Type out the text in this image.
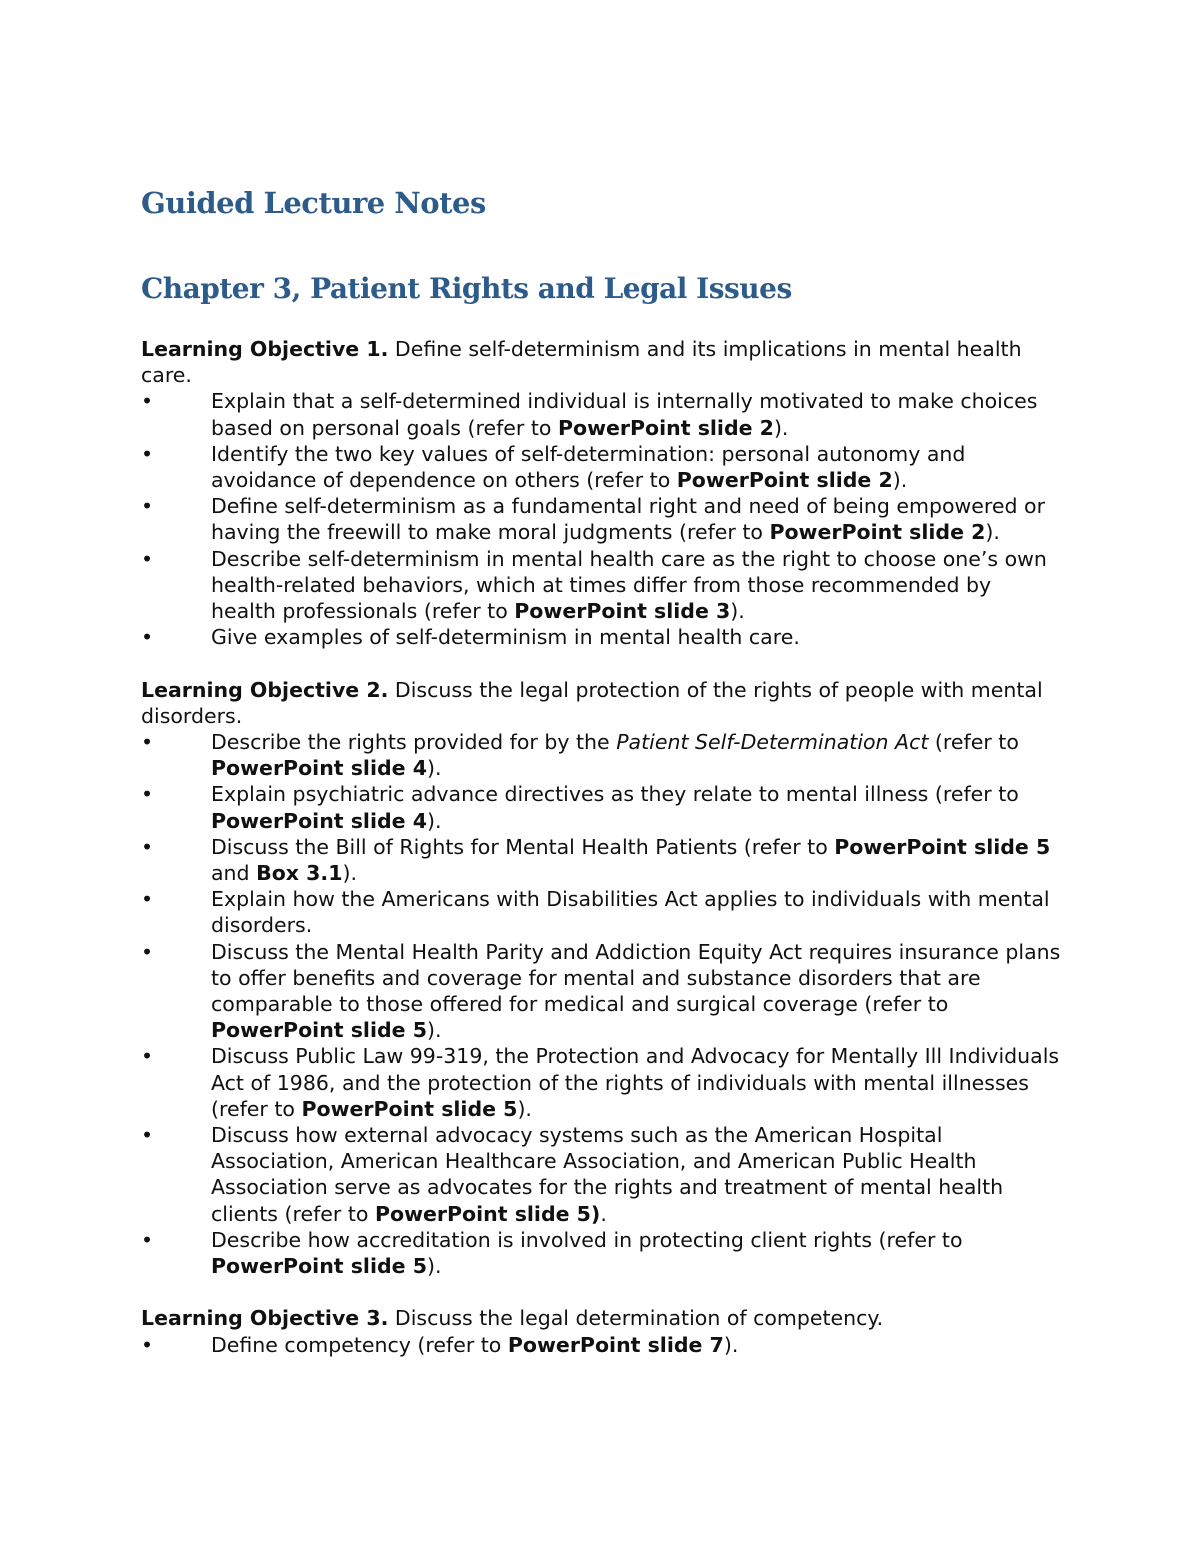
Guided Lecture Notes
Chapter 3, Patient Rights and Legal Issues

Learning Objective 1. Define self-determinism and its implications in mental health care.

•	Explain that a self-determined individual is internally motivated to make choices based on personal goals (refer to PowerPoint slide 2).
•	Identify the two key values of self-determination: personal autonomy and avoidance of dependence on others (refer to PowerPoint slide 2).
•	Define self-determinism as a fundamental right and need of being empowered or having the freewill to make moral judgments (refer to PowerPoint slide 2).
•	Describe self-determinism in mental health care as the right to choose one’s own health-related behaviors, which at times differ from those recommended by health professionals (refer to PowerPoint slide 3).
•	Give examples of self-determinism in mental health care.

Learning Objective 2. Discuss the legal protection of the rights of people with mental disorders.

•	Describe the rights provided for by the Patient Self-Determination Act (refer to PowerPoint slide 4).
•	Explain psychiatric advance directives as they relate to mental illness (refer to PowerPoint slide 4).
•	Discuss the Bill of Rights for Mental Health Patients (refer to PowerPoint slide 5 and Box 3.1).
•	Explain how the Americans with Disabilities Act applies to individuals with mental disorders.
•	Discuss the Mental Health Parity and Addiction Equity Act requires insurance plans to offer benefits and coverage for mental and substance disorders that are comparable to those offered for medical and surgical coverage (refer to PowerPoint slide 5).
•	Discuss Public Law 99-319, the Protection and Advocacy for Mentally Ill Individuals Act of 1986, and the protection of the rights of individuals with mental illnesses (refer to PowerPoint slide 5).
•	Discuss how external advocacy systems such as the American Hospital Association, American Healthcare Association, and American Public Health Association serve as advocates for the rights and treatment of mental health clients (refer to PowerPoint slide 5).
•	Describe how accreditation is involved in protecting client rights (refer to PowerPoint slide 5).

Learning Objective 3. Discuss the legal determination of competency.

•	Define competency (refer to PowerPoint slide 7).
